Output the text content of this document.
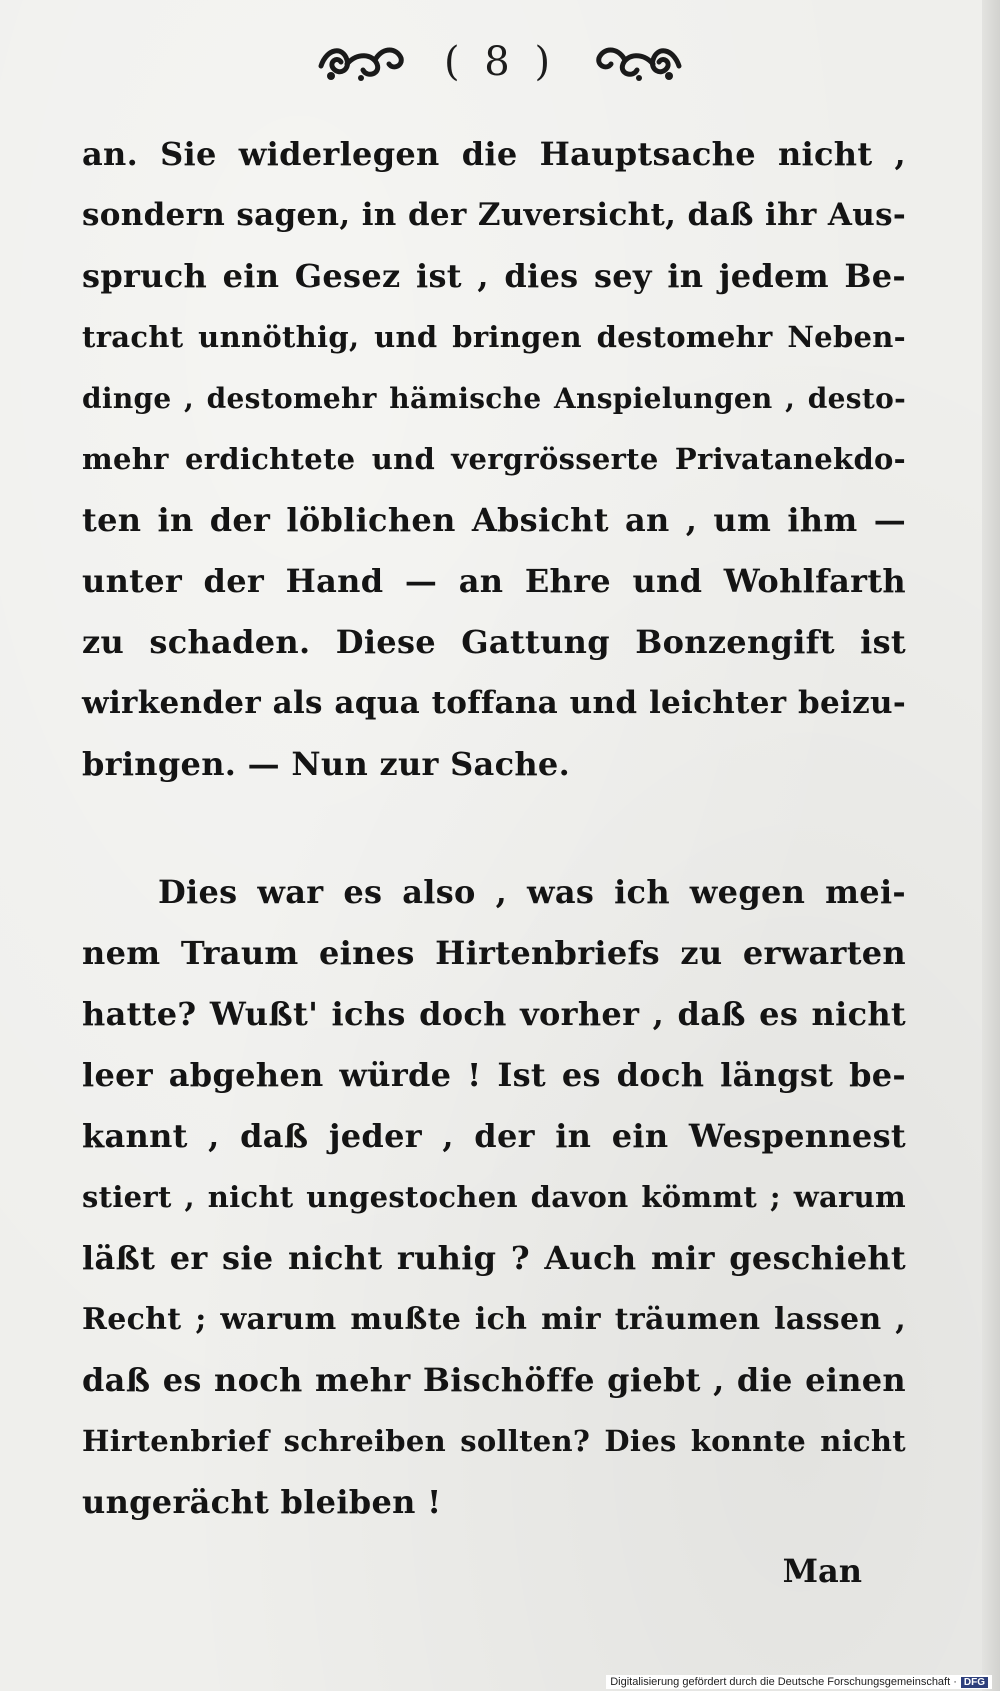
( 8 )
an. Sie widerlegen die Hauptsache nicht ,
sondern sagen, in der Zuversicht, daß ihr Aus-
spruch ein Gesez ist , dies sey in jedem Be-
tracht unnöthig, und bringen destomehr Neben-
dinge , destomehr hämische Anspielungen , desto-
mehr erdichtete und vergrösserte Privatanekdo-
ten in der löblichen Absicht an , um ihm —
unter der Hand — an Ehre und Wohlfarth
zu schaden. Diese Gattung Bonzengift ist
wirkender als aqua toffana und leichter beizu-
bringen. — Nun zur Sache.
Dies war es also , was ich wegen mei-
nem Traum eines Hirtenbriefs zu erwarten
hatte? Wußt' ichs doch vorher , daß es nicht
leer abgehen würde ! Ist es doch längst be-
kannt , daß jeder , der in ein Wespennest
stiert , nicht ungestochen davon kömmt ; warum
läßt er sie nicht ruhig ? Auch mir geschieht
Recht ; warum mußte ich mir träumen lassen ,
daß es noch mehr Bischöffe giebt , die einen
Hirtenbrief schreiben sollten? Dies konnte nicht
ungerächt bleiben !
Man
Digitalisierung gefördert durch die Deutsche Forschungsgemeinschaft · DFG
